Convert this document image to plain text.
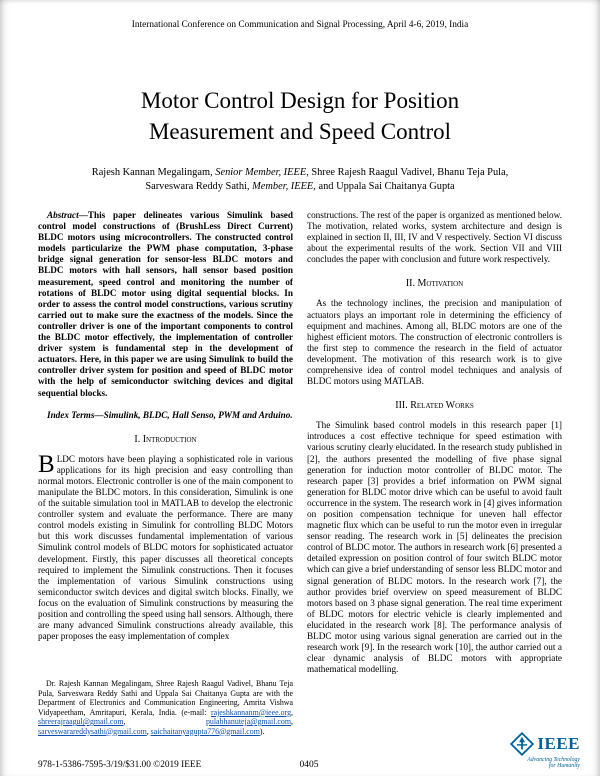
International Conference on Communication and Signal Processing, April 4-6, 2019, India
Motor Control Design for Position
Measurement and Speed Control
Rajesh Kannan Megalingam, Senior Member, IEEE, Shree Rajesh Raagul Vadivel, Bhanu Teja Pula,
Sarveswara Reddy Sathi, Member, IEEE, and Uppala Sai Chaitanya Gupta

Abstract—This paper delineates various Simulink based control model constructions of (BrushLess Direct Current) BLDC motors using microcontrollers. The constructed control models particularize the PWM phase computation, 3-phase bridge signal generation for sensor-less BLDC motors and BLDC motors with hall sensors, hall sensor based position measurement, speed control and monitoring the number of rotations of BLDC motor using digital sequential blocks. In order to assess the control model constructions, various scrutiny carried out to make sure the exactness of the models. Since the controller driver is one of the important components to control the BLDC motor effectively, the implementation of controller driver system is fundamental step in the development of actuators. Here, in this paper we are using Simulink to build the controller driver system for position and speed of BLDC motor with the help of semiconductor switching devices and digital sequential blocks.

Index Terms—Simulink, BLDC, Hall Senso, PWM and Arduino.

I. Introduction

BLDC motors have been playing a sophisticated role in various applications for its high precision and easy controlling than normal motors. Electronic controller is one of the main component to manipulate the BLDC motors. In this consideration, Simulink is one of the suitable simulation tool in MATLAB to develop the electronic controller system and evaluate the performance. There are many control models existing in Simulink for controlling BLDC Motors but this work discusses fundamental implementation of various Simulink control models of BLDC motors for sophisticated actuator development. Firstly, this paper discusses all theoretical concepts required to implement the Simulink constructions. Then it focuses the implementation of various Simulink constructions using semiconductor switch devices and digital switch blocks. Finally, we focus on the evaluation of Simulink constructions by measuring the position and controlling the speed using hall sensors. Although, there are many advanced Simulink constructions already available, this paper proposes the easy implementation of complex

Dr. Rajesh Kannan Megalingam, Shree Rajesh Raagul Vadivel, Bhanu Teja Pula, Sarveswara Reddy Sathi and Uppala Sai Chaitanya Gupta are with the Department of Electronics and Communication Engineering, Amrita Vishwa Vidyapeetham, Amritapuri, Kerala, India. (e-mail: rajeshkannanm@ieee.org, shreerajraagul@gmail.com, pulabhanuteja@gmail.com, sarveswarareddysathi@gmail.com, saichaitanyagupta776@gmail.com).

constructions. The rest of the paper is organized as mentioned below. The motivation, related works, system architecture and design is explained in section II, III, IV and V respectively. Section VI discuss about the experimental results of the work. Section VII and VIII concludes the paper with conclusion and future work respectively.

II. Motivation

As the technology inclines, the precision and manipulation of actuators plays an important role in determining the efficiency of equipment and machines. Among all, BLDC motors are one of the highest efficient motors. The construction of electronic controllers is the first step to commence the research in the field of actuator development. The motivation of this research work is to give comprehensive idea of control model techniques and analysis of BLDC motors using MATLAB.

III. Related Works

The Simulink based control models in this research paper [1] introduces a cost effective technique for speed estimation with various scrutiny clearly elucidated. In the research study published in [2], the authors presented the modelling of five phase signal generation for induction motor controller of BLDC motor. The research paper [3] provides a brief information on PWM signal generation for BLDC motor drive which can be useful to avoid fault occurrence in the system. The research work in [4] gives information on position compensation technique for uneven hall effector magnetic flux which can be useful to run the motor even in irregular sensor reading. The research work in [5] delineates the precision control of BLDC motor. The authors in research work [6] presented a detailed expression on position control of four switch BLDC motor which can give a brief understanding of sensor less BLDC motor and signal generation of BLDC motors. In the research work [7], the author provides brief overview on speed measurement of BLDC motors based on 3 phase signal generation. The real time experiment of BLDC motors for electric vehicle is clearly implemented and elucidated in the research work [8]. The performance analysis of BLDC motor using various signal generation are carried out in the research work [9]. In the research work [10], the author carried out a clear dynamic analysis of BLDC motors with appropriate mathematical modelling.

978-1-5386-7595-3/19/$31.00 ©2019 IEEE	0405
IEEE
Advancing Technology
for Humanity
